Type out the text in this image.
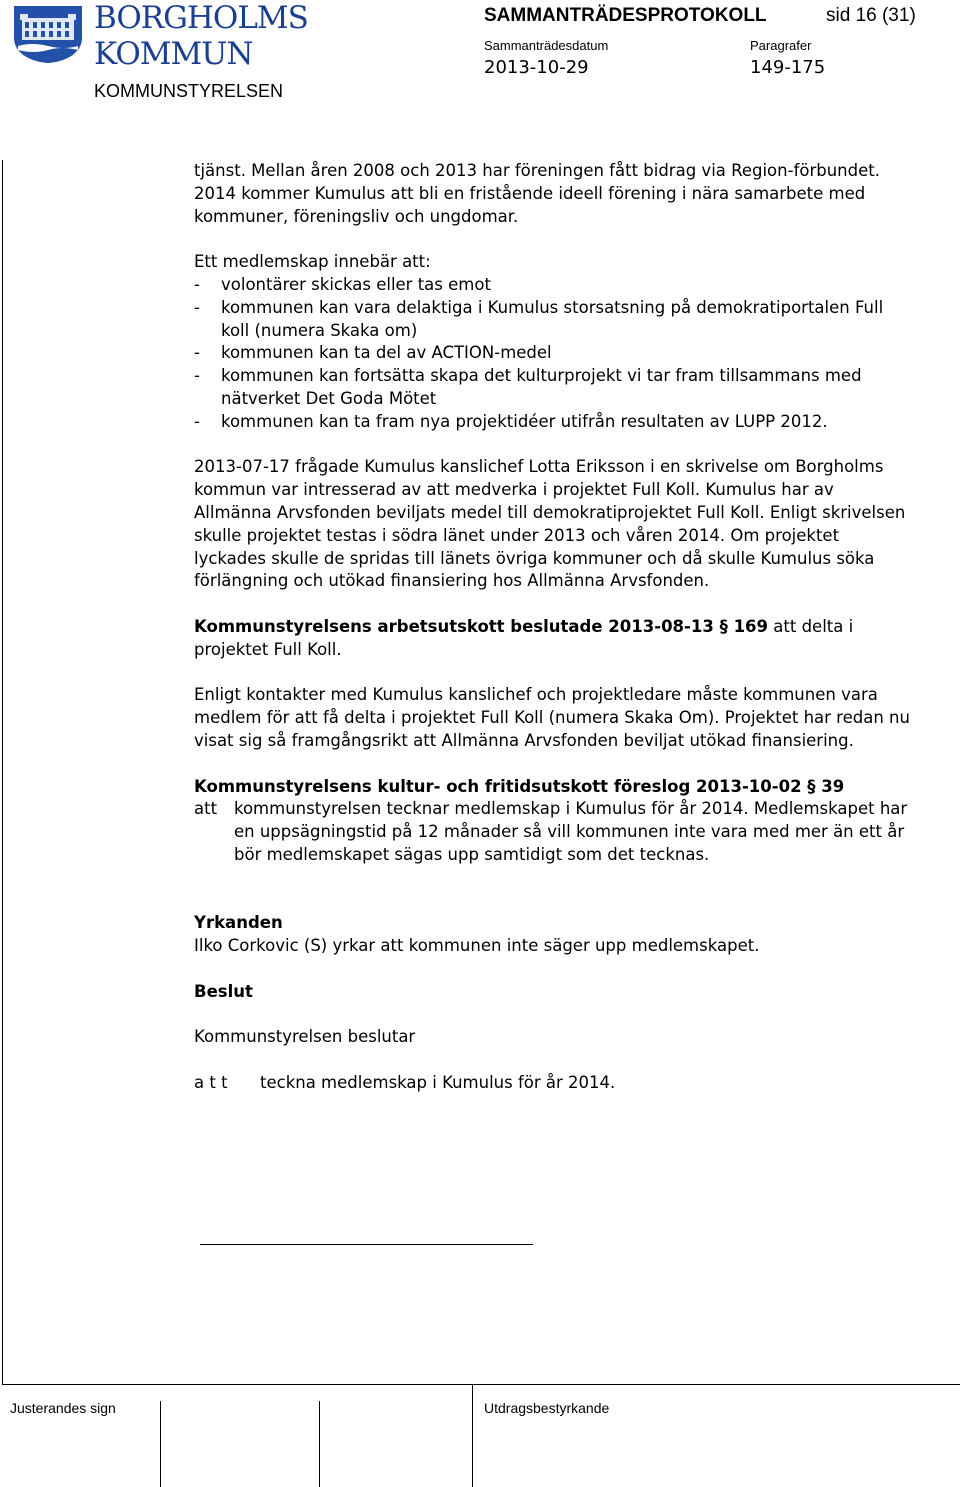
BORGHOLMS
KOMMUN
KOMMUNSTYRELSEN
SAMMANTRÄDESPROTOKOLL	sid 16 (31)
Sammanträdesdatum
2013-10-29
Paragrafer
149-175

tjänst. Mellan åren 2008 och 2013 har föreningen fått bidrag via Region-förbundet. 2014 kommer Kumulus att bli en fristående ideell förening i nära samarbete med kommuner, föreningsliv och ungdomar.

Ett medlemskap innebär att:

-	volontärer skickas eller tas emot
-	kommunen kan vara delaktiga i Kumulus storsatsning på demokratiportalen Full koll (numera Skaka om)
-	kommunen kan ta del av ACTION-medel
-	kommunen kan fortsätta skapa det kulturprojekt vi tar fram tillsammans med nätverket Det Goda Mötet
-	kommunen kan ta fram nya projektidéer utifrån resultaten av LUPP 2012.

2013-07-17 frågade Kumulus kanslichef Lotta Eriksson i en skrivelse om Borgholms kommun var intresserad av att medverka i projektet Full Koll. Kumulus har av Allmänna Arvsfonden beviljats medel till demokratiprojektet Full Koll. Enligt skrivelsen skulle projektet testas i södra länet under 2013 och våren 2014. Om projektet lyckades skulle de spridas till länets övriga kommuner och då skulle Kumulus söka förlängning och utökad finansiering hos Allmänna Arvsfonden.

Kommunstyrelsens arbetsutskott beslutade 2013-08-13 § 169 att delta i projektet Full Koll.

Enligt kontakter med Kumulus kanslichef och projektledare måste kommunen vara medlem för att få delta i projektet Full Koll (numera Skaka Om). Projektet har redan nu visat sig så framgångsrikt att Allmänna Arvsfonden beviljat utökad finansiering.

Kommunstyrelsens kultur- och fritidsutskott föreslog 2013-10-02 § 39

att	kommunstyrelsen tecknar medlemskap i Kumulus för år 2014. Medlemskapet har en uppsägningstid på 12 månader så vill kommunen inte vara med mer än ett år bör medlemskapet sägas upp samtidigt som det tecknas.

Yrkanden

Ilko Corkovic (S) yrkar att kommunen inte säger upp medlemskapet.

Beslut

Kommunstyrelsen beslutar

a t t	teckna medlemskap i Kumulus för år 2014.
Justerandes sign	Utdragsbestyrkande
